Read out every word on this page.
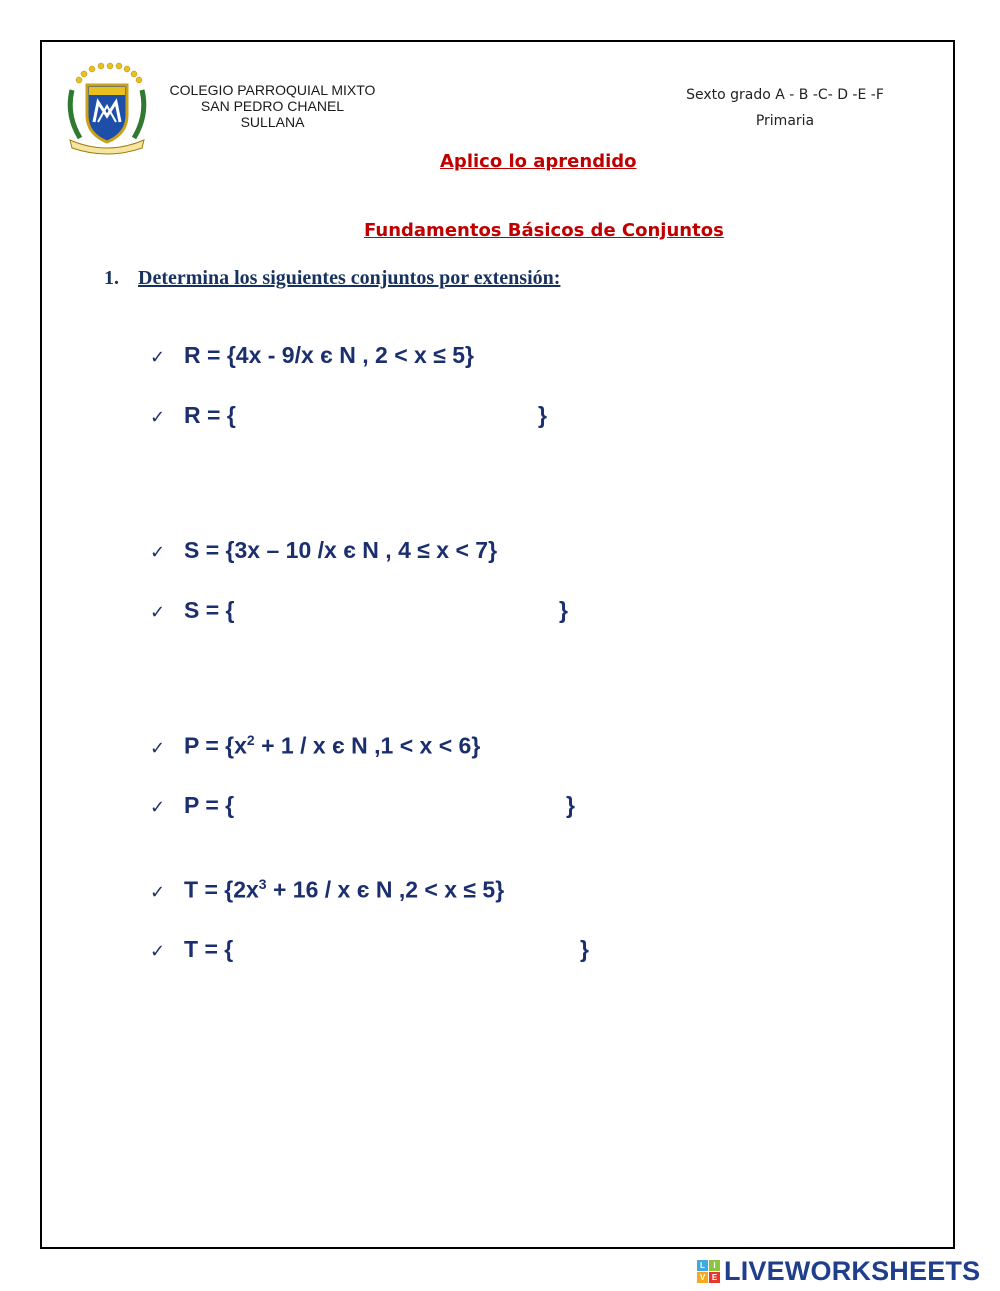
COLEGIO PARROQUIAL MIXTO
SAN PEDRO CHANEL
SULLANA
Sexto grado A - B -C- D -E -F
Primaria
Aplico lo aprendido
Fundamentos Básicos de Conjuntos
1. Determina los siguientes conjuntos por extensión:
✓ R = {4x - 9/x є N , 2 < x ≤ 5}
✓ R = {	}
✓ S = {3x – 10 /x є N , 4 ≤ x < 7}
✓ S = {	}
✓ $P = \{x^2 + 1 / x$ є N ,1 < x < 6}
✓ P = {	}
✓ $T = \{2x^3 + 16 / x$ є N ,2 < x ≤ 5}
✓ T = {	}
L	I
V E LIVEWORKSHEETS
